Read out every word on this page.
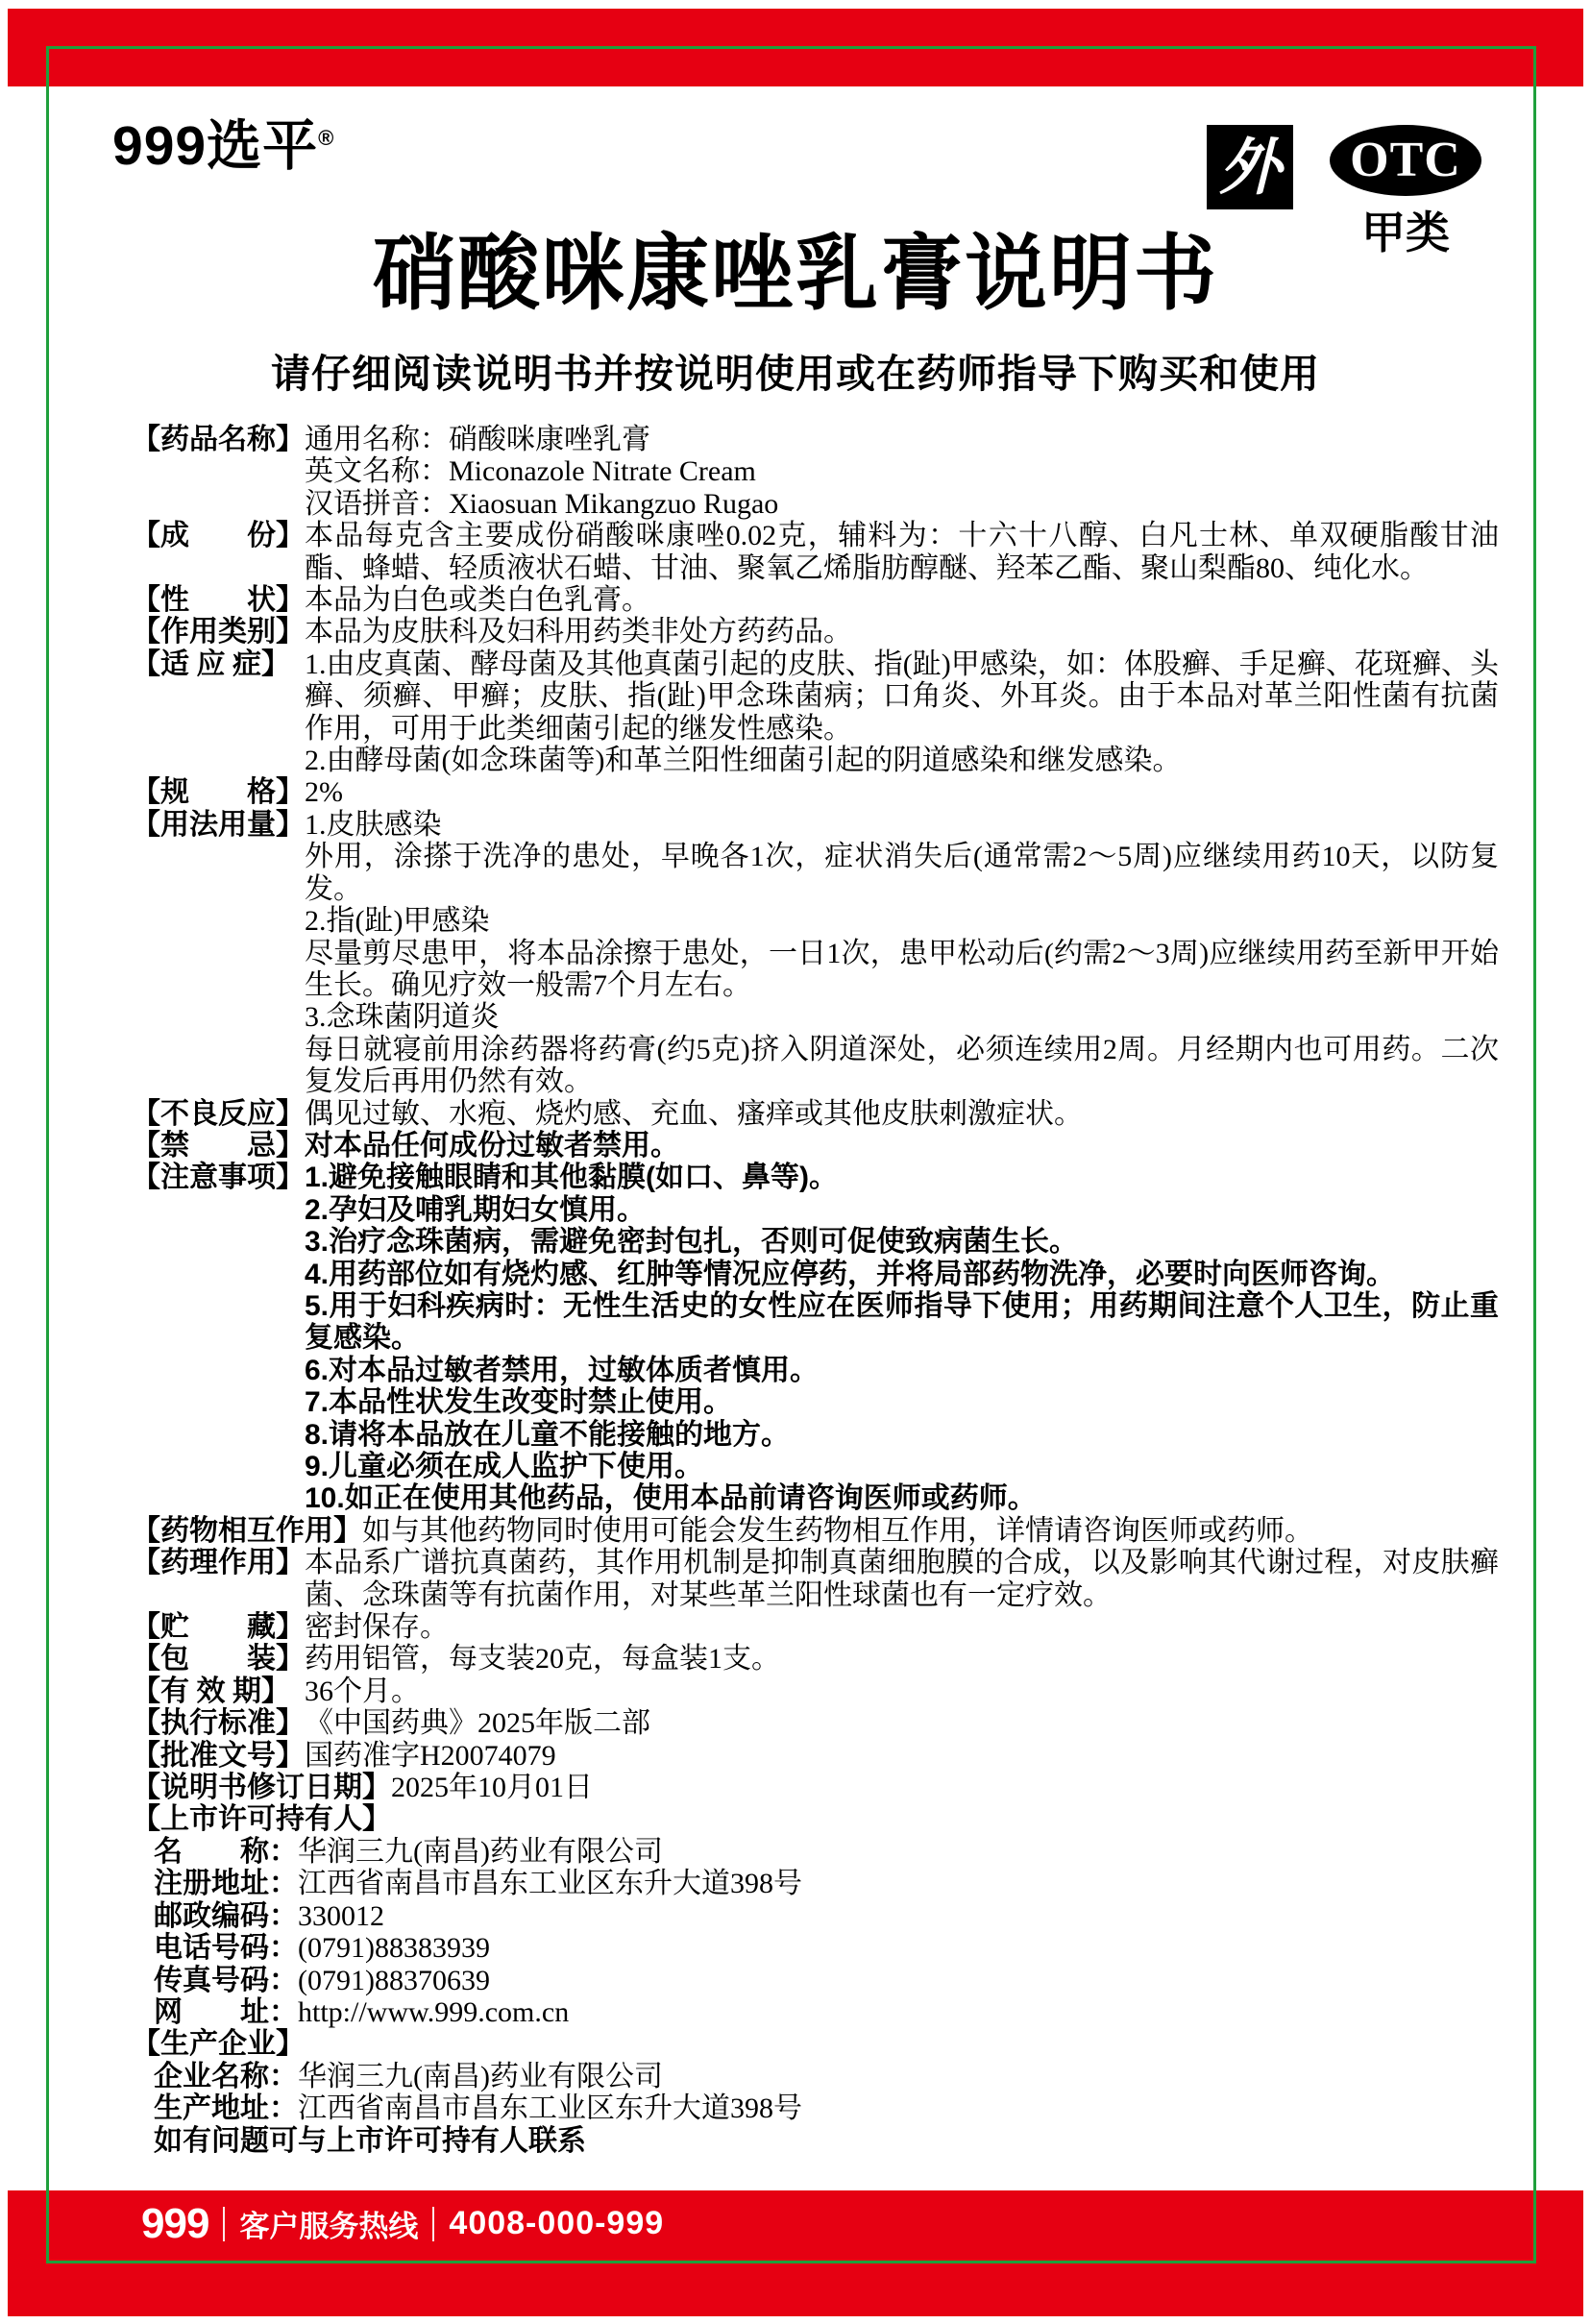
999 客户服务热线 4008-000-999
999选平®	外 OTC
甲类
硝酸咪康唑乳膏说明书
请仔细阅读说明书并按说明使用或在药师指导下购买和使用
【药品名称】 通用名称：硝酸咪康唑乳膏
英文名称：Miconazole Nitrate Cream
汉语拼音：Xiaosuan Mikangzuo Rugao
【成　　份】 本品每克含主要成份硝酸咪康唑0.02克，辅料为：十六十八醇、白凡士林、单双硬脂酸甘油酯、蜂蜡、轻质液状石蜡、甘油、聚氧乙烯脂肪醇醚、羟苯乙酯、聚山梨酯80、纯化水。
【性　　状】 本品为白色或类白色乳膏。
【作用类别】 本品为皮肤科及妇科用药类非处方药药品。
【适 应 症】 1.由皮真菌、酵母菌及其他真菌引起的皮肤、指(趾)甲感染，如：体股癣、手足癣、花斑癣、头癣、须癣、甲癣；皮肤、指(趾)甲念珠菌病；口角炎、外耳炎。由于本品对革兰阳性菌有抗菌作用，可用于此类细菌引起的继发性感染。
2.由酵母菌(如念珠菌等)和革兰阳性细菌引起的阴道感染和继发感染。
【规　　格】 2%
【用法用量】 1.皮肤感染
外用，涂搽于洗净的患处，早晚各1次，症状消失后(通常需2～5周)应继续用药10天，以防复发。
2.指(趾)甲感染
尽量剪尽患甲，将本品涂擦于患处，一日1次，患甲松动后(约需2～3周)应继续用药至新甲开始生长。确见疗效一般需7个月左右。
3.念珠菌阴道炎
每日就寝前用涂药器将药膏(约5克)挤入阴道深处，必须连续用2周。月经期内也可用药。二次复发后再用仍然有效。
【不良反应】 偶见过敏、水疱、烧灼感、充血、瘙痒或其他皮肤刺激症状。
【禁　　忌】 对本品任何成份过敏者禁用。
【注意事项】 1.避免接触眼睛和其他黏膜(如口、鼻等)。
2.孕妇及哺乳期妇女慎用。
3.治疗念珠菌病，需避免密封包扎，否则可促使致病菌生长。
4.用药部位如有烧灼感、红肿等情况应停药，并将局部药物洗净，必要时向医师咨询。
5.用于妇科疾病时：无性生活史的女性应在医师指导下使用；用药期间注意个人卫生，防止重复感染。
6.对本品过敏者禁用，过敏体质者慎用。
7.本品性状发生改变时禁止使用。
8.请将本品放在儿童不能接触的地方。
9.儿童必须在成人监护下使用。
10.如正在使用其他药品，使用本品前请咨询医师或药师。
【药物相互作用】如与其他药物同时使用可能会发生药物相互作用，详情请咨询医师或药师。
【药理作用】 本品系广谱抗真菌药，其作用机制是抑制真菌细胞膜的合成，以及影响其代谢过程，对皮肤癣菌、念珠菌等有抗菌作用，对某些革兰阳性球菌也有一定疗效。
【贮　　藏】 密封保存。
【包　　装】 药用铝管，每支装20克，每盒装1支。
【有 效 期】 36个月。
【执行标准】 《中国药典》2025年版二部
【批准文号】 国药准字H20074079
【说明书修订日期】2025年10月01日
【上市许可持有人】
名　　称：华润三九(南昌)药业有限公司
注册地址：江西省南昌市昌东工业区东升大道398号
邮政编码：330012
电话号码：(0791)88383939
传真号码：(0791)88370639
网　　址：http://www.999.com.cn
【生产企业】
企业名称：华润三九(南昌)药业有限公司
生产地址：江西省南昌市昌东工业区东升大道398号
如有问题可与上市许可持有人联系
